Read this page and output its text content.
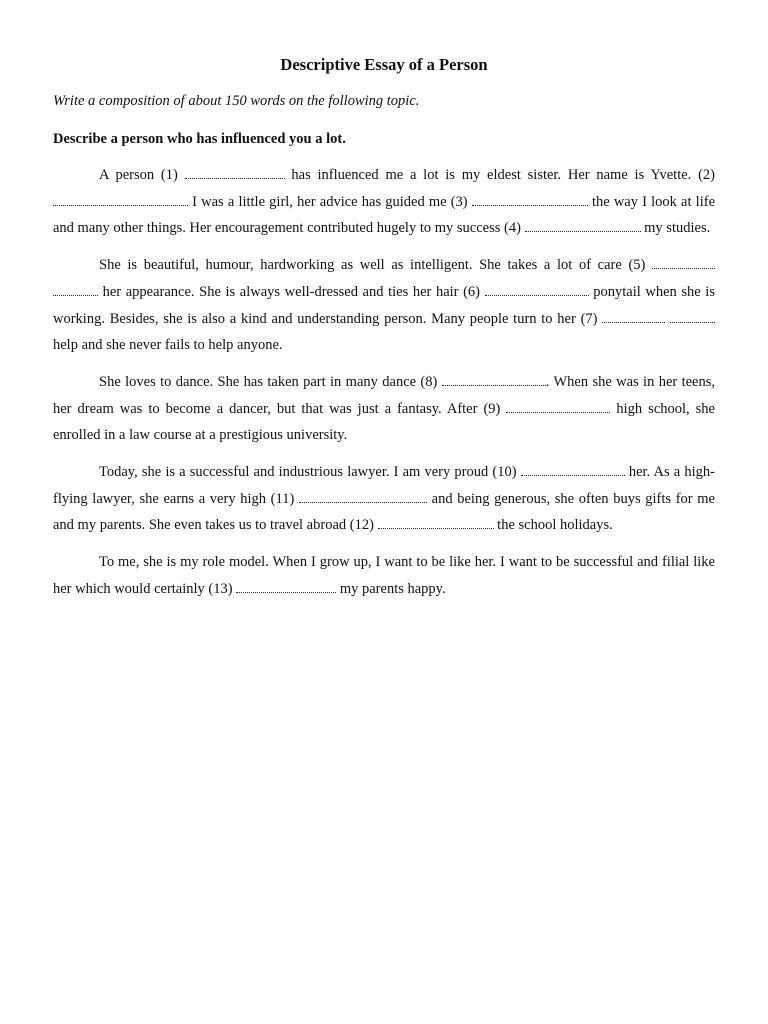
Descriptive Essay of a Person

Write a composition of about 150 words on the following topic.

Describe a person who has influenced you a lot.

A person (1)	has influenced me a lot is my eldest sister. Her name is Yvette. (2)  I was a little girl, her advice has guided me (3)	the way I look at life and many other things. Her encouragement contributed hugely to my success (4)	my studies.

She is beautiful, humour, hardworking as well as intelligent. She takes a lot of care (5)   her appearance. She is always well-dressed and ties her hair (6)	ponytail when she is working. Besides, she is also a kind and understanding person. Many people turn to her (7)   help and she never fails to help anyone.

She loves to dance. She has taken part in many dance (8)	. When she was in her teens, her dream was to become a dancer, but that was just a fantasy. After (9)	high school, she enrolled in a law course at a prestigious university.

Today, she is a successful and industrious lawyer. I am very proud (10)	her. As a high-flying lawyer, she earns a very high (11)	and being generous, she often buys gifts for me and my parents. She even takes us to travel abroad (12)	the school holidays.

To me, she is my role model. When I grow up, I want to be like her. I want to be successful and filial like her which would certainly (13)	my parents happy.
